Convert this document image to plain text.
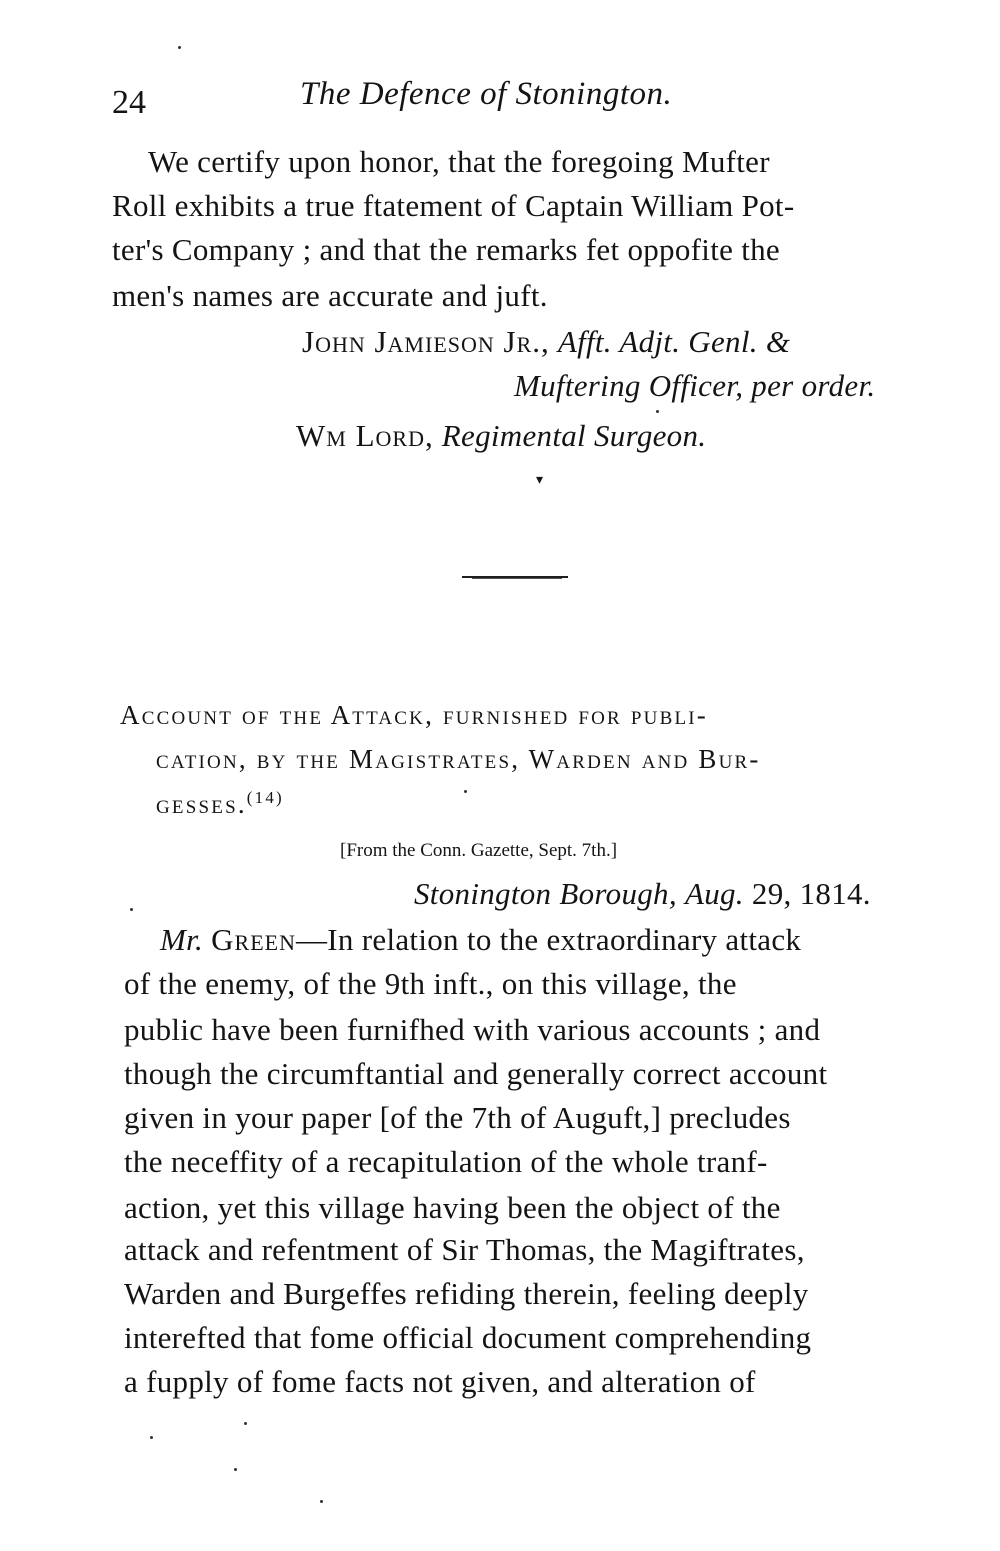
24	The Defence of Stonington.
We certify upon honor, that the foregoing Mufter
Roll exhibits a true ftatement of Captain William Pot-
ter's Company ; and that the remarks fet oppofite the
men's names are accurate and juft.
John Jamieson Jr., Afft. Adjt. Genl. &
Muftering Officer, per order.
Wm Lord, Regimental Surgeon.
▾
Account of the Attack, furnished for publi-
cation, by the Magistrates, Warden and Bur-
gesses.$^{(14)}$
[From the Conn. Gazette, Sept. 7th.]
Stonington Borough, Aug. 29, 1814.
Mr. Green—In relation to the extraordinary attack
of the enemy, of the 9th inft., on this village, the
public have been furnifhed with various accounts ; and
though the circumftantial and generally correct account
given in your paper [of the 7th of Auguft,] precludes
the neceffity of a recapitulation of the whole tranf-
action, yet this village having been the object of the
attack and refentment of Sir Thomas, the Magiftrates,
Warden and Burgeffes refiding therein, feeling deeply
interefted that fome official document comprehending
a fupply of fome facts not given, and alteration of
